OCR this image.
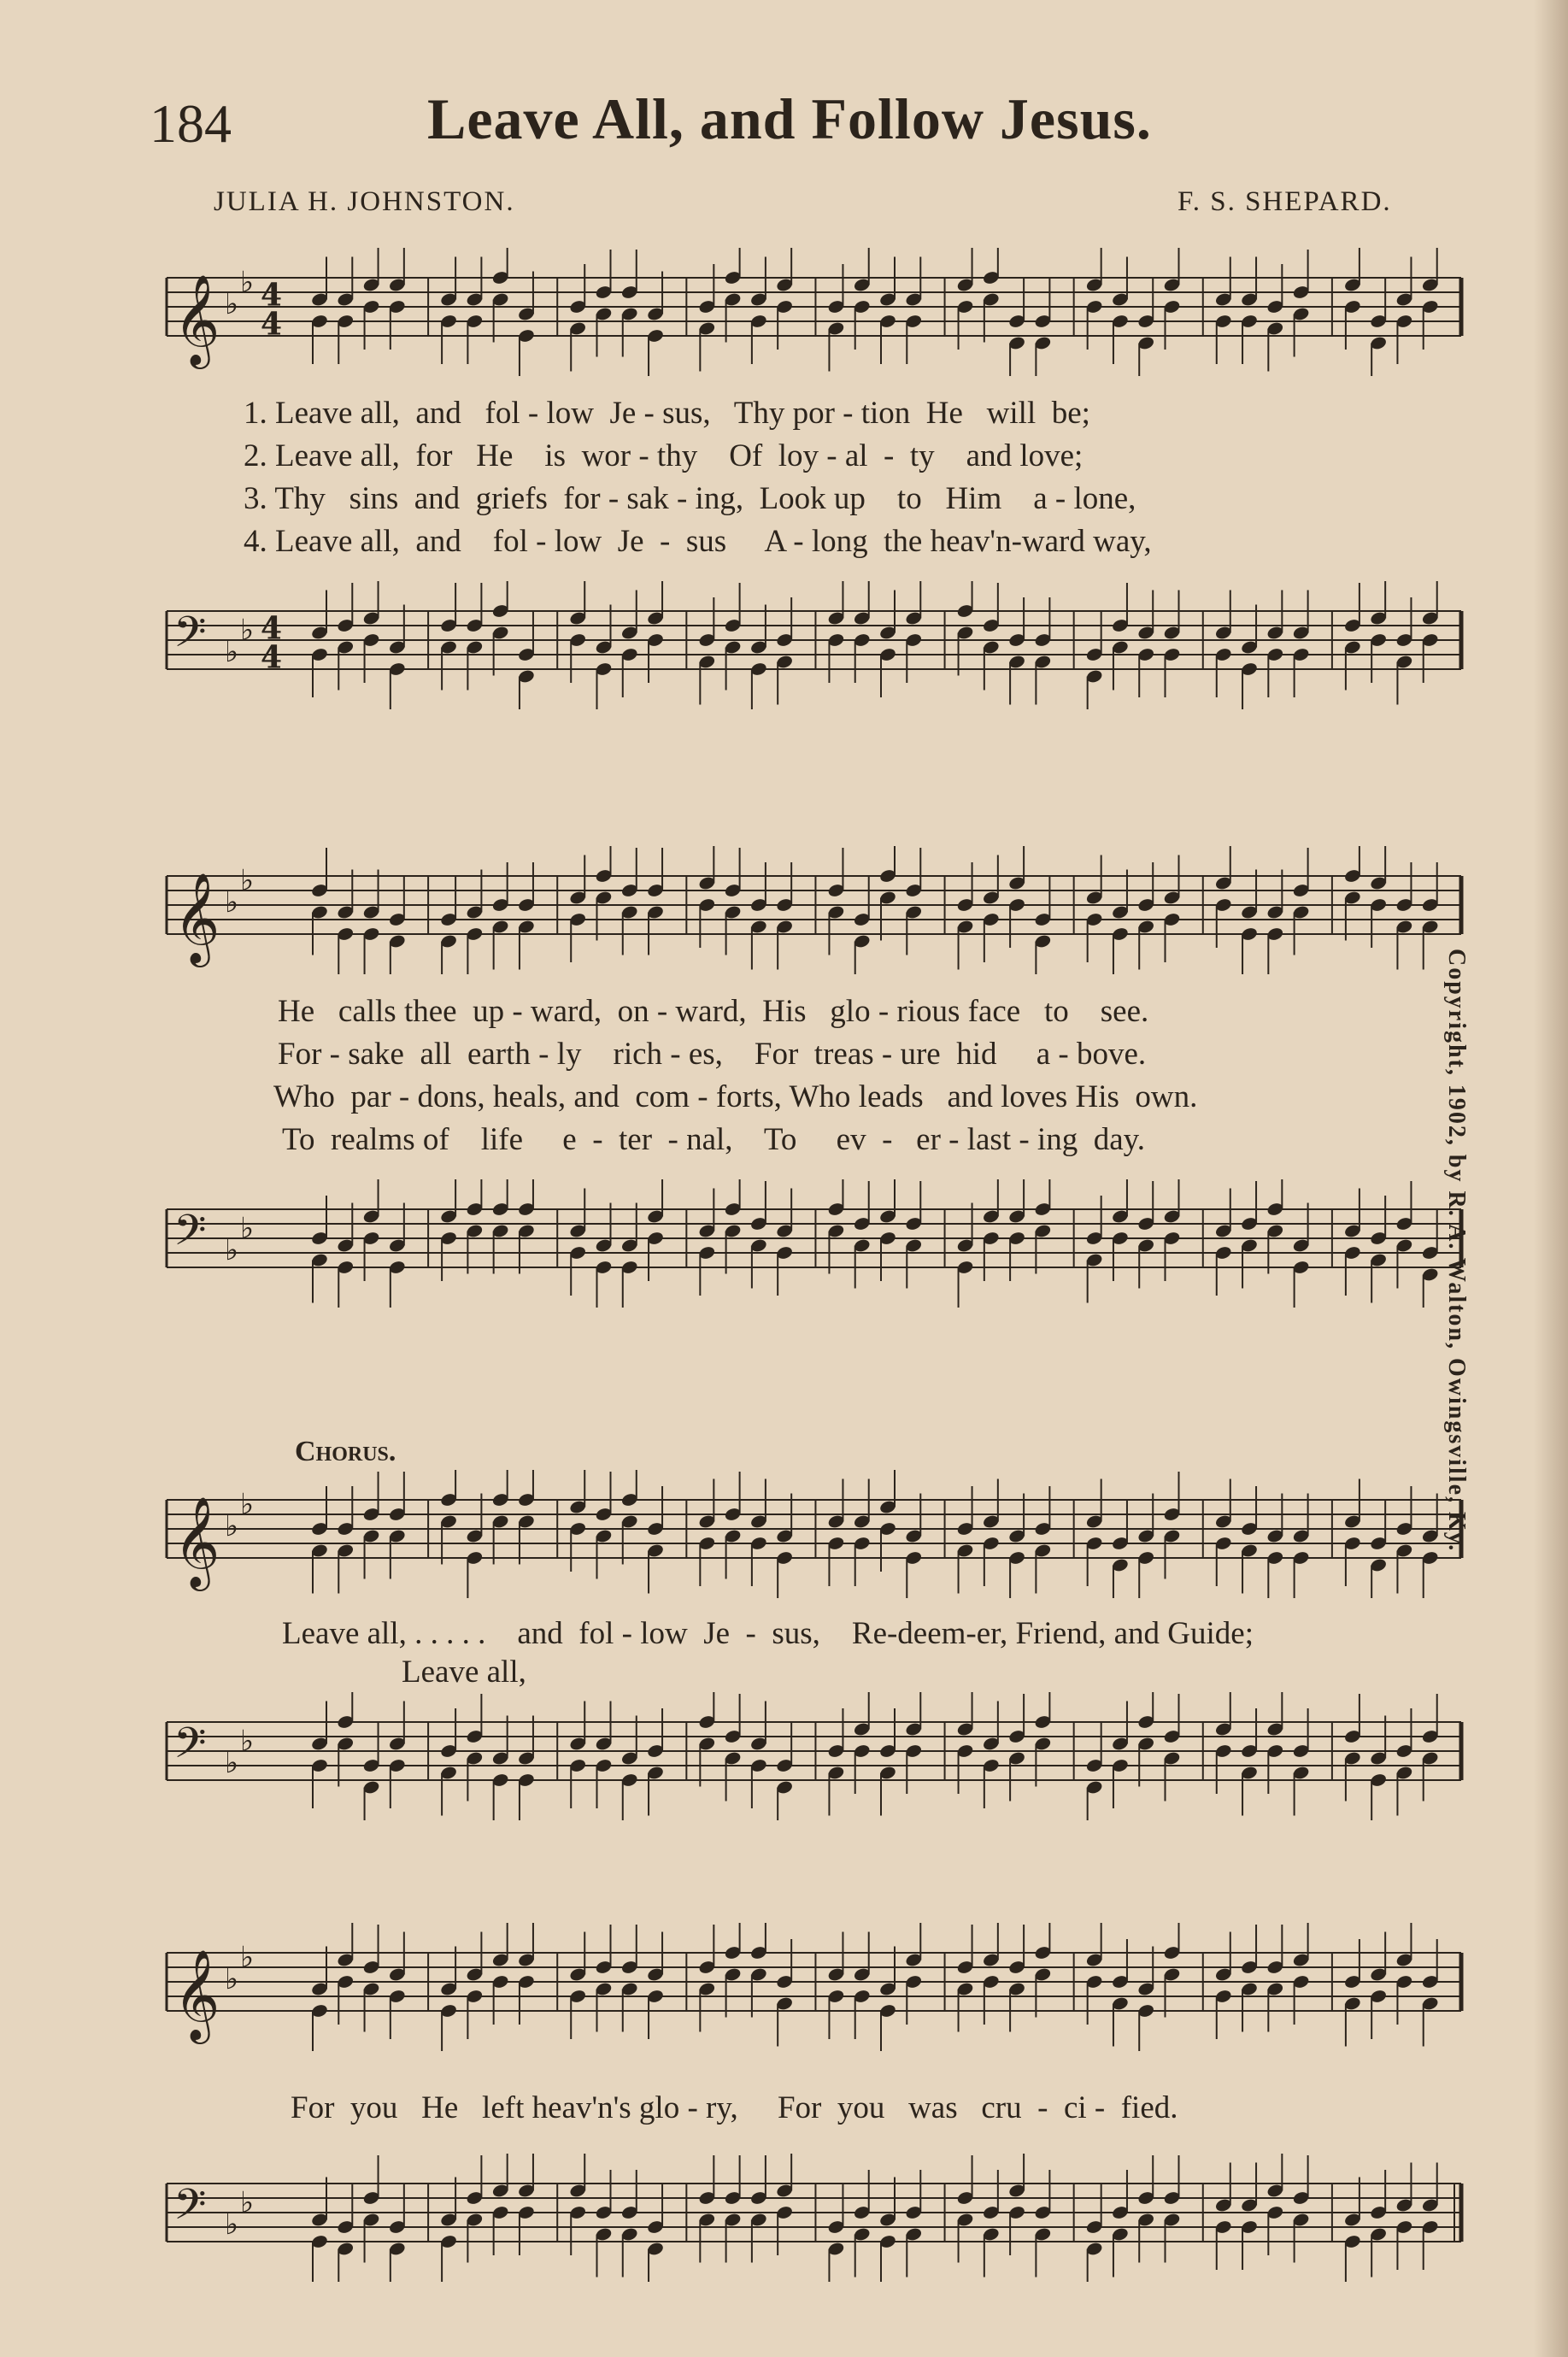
184	Leave All, and Follow Jesus.
JULIA H. JOHNSTON.	F. S. SHEPARD.
𝄞 ♭
♭ 4
4
1. Leave all,  and   fol - low  Je - sus,   Thy por - tion  He   will  be;
2. Leave all,  for   He    is  wor - thy    Of  loy - al  -  ty    and love;
3. Thy   sins  and  griefs  for - sak - ing,  Look up    to   Him    a - lone,
4. Leave all,  and    fol - low  Je  -  sus     A - long  the heav'n-ward way,
𝄢 ♭
♭ 4
4
𝄞 ♭
♭
He   calls thee  up - ward,  on - ward,  His   glo - rious face   to    see.
For - sake  all  earth - ly    rich - es,    For  treas - ure  hid     a - bove.
Who  par - dons, heals, and  com - forts, Who leads   and loves His  own.
To  realms of    life     e  -  ter  - nal,    To     ev  -   er - last - ing  day.
𝄢 ♭
♭
Chorus.
𝄞 ♭
♭
Leave all, . . . . .    and  fol - low  Je  -  sus,    Re-deem-er, Friend, and Guide;
Leave all,
𝄢 ♭
♭
𝄞 ♭
♭
For  you   He   left heav'n's glo - ry,     For  you   was   cru  -  ci -  fied.
𝄢 ♭
♭
Copyright, 1902, by R. A. Walton, Owingsville, Ky.
